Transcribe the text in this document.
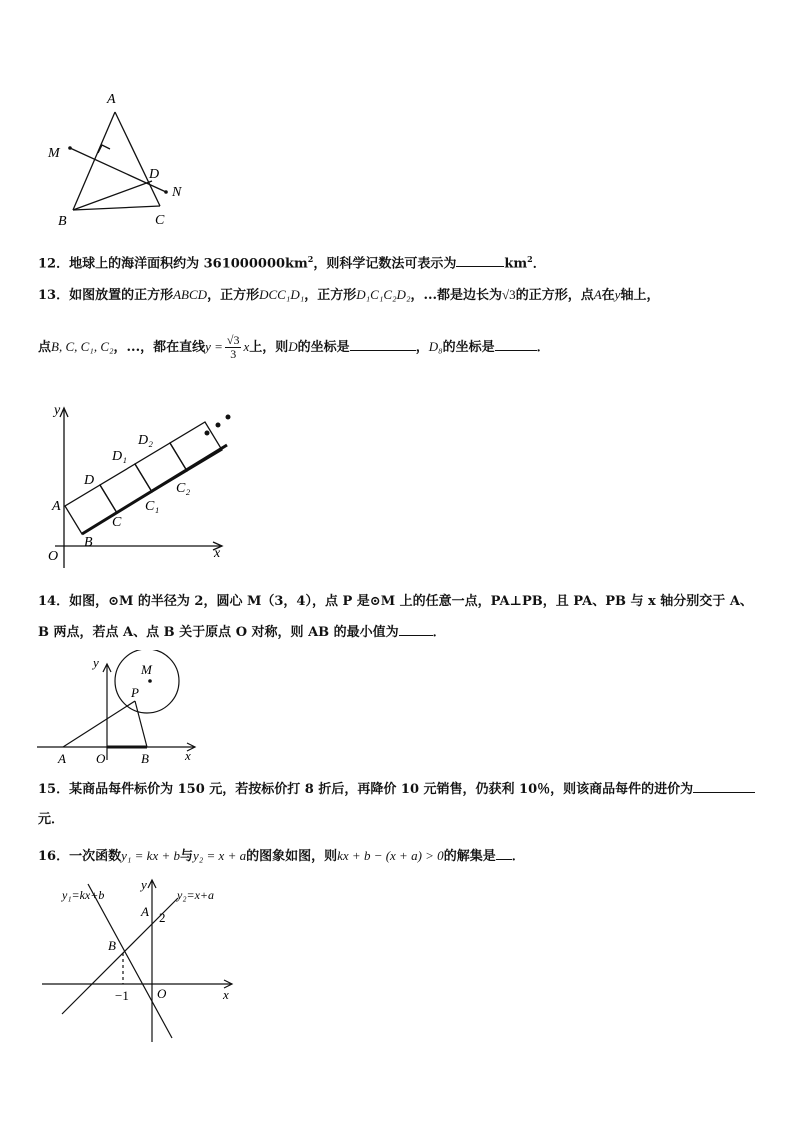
A
M
D
N
B	C
12．地球上的海洋面积约为 $361000000km^2$，则科学记数法可表示为	$km^2$．
13．如图放置的正方形ABCD，正方形DCC₁D₁，正方形D₁C₁C₂D₂，...都是边长为√3的正方形，点A在y轴上，
点B, C, C₁, C₂，...，都在直线$y = \frac{√3}{3}$ x上，则D的坐标是	，D₈的坐标是	．
y
x
O
A
B
C
D
D₁
C₁
D₂
C₂
14．如图，⊙M 的半径为 2，圆心 M（3，4），点 P 是⊙M 上的任意一点，PA⊥PB，且 PA、PB 与 x 轴分别交于 A、
B 两点，若点 A、点 B 关于原点 O 对称，则 AB 的最小值为	．
y
x
M
P
A O	B
15．某商品每件标价为 150 元，若按标价打 8 折后，再降价 10 元销售，仍获利 10％，则该商品每件的进价为
元．
16．一次函数y₁ = kx + b与y₂ = x + a的图象如图，则kx + b − (x + a) > 0的解集是 ．
y₁=kx+b	y₂=x+a
y
x
A 2
B
−1 O
